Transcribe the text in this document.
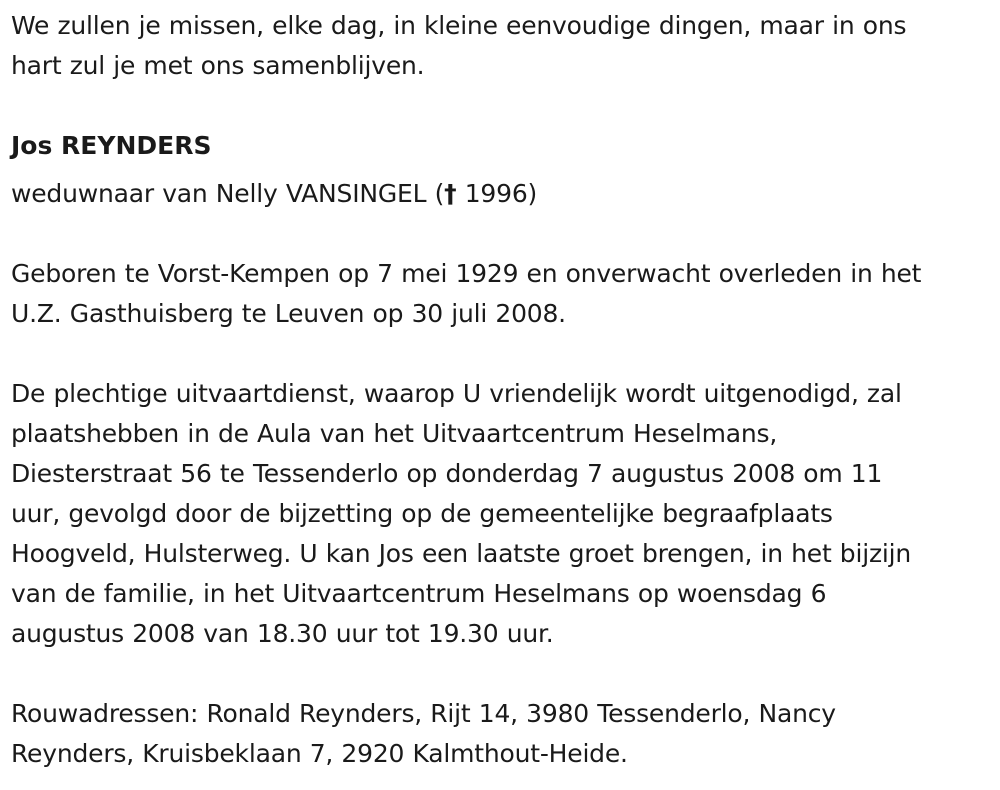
We zullen je missen, elke dag, in kleine eenvoudige dingen, maar in ons
hart zul je met ons samenblijven.

Jos REYNDERS

weduwnaar van Nelly VANSINGEL († 1996)

Geboren te Vorst-Kempen op 7 mei 1929 en onverwacht overleden in het
U.Z. Gasthuisberg te Leuven op 30 juli 2008.

De plechtige uitvaartdienst, waarop U vriendelijk wordt uitgenodigd, zal
plaatshebben in de Aula van het Uitvaartcentrum Heselmans,
Diesterstraat 56 te Tessenderlo op donderdag 7 augustus 2008 om 11
uur, gevolgd door de bijzetting op de gemeentelijke begraafplaats
Hoogveld, Hulsterweg. U kan Jos een laatste groet brengen, in het bijzijn
van de familie, in het Uitvaartcentrum Heselmans op woensdag 6
augustus 2008 van 18.30 uur tot 19.30 uur.

Rouwadressen: Ronald Reynders, Rijt 14, 3980 Tessenderlo, Nancy
Reynders, Kruisbeklaan 7, 2920 Kalmthout-Heide.
